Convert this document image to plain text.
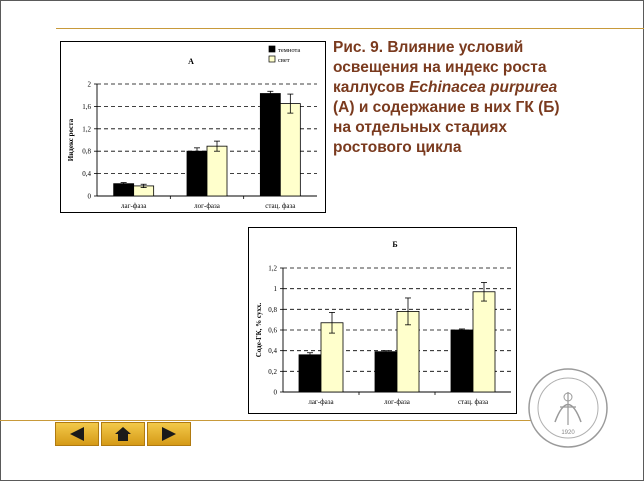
Рис. 9. Влияние условий
освещения на индекс роста
каллусов Echinacea purpurea
(А) и содержание в них ГК (Б)
на отдельных стадиях
ростового цикла
А
0
0,4
0,8
1,2
1,6
2
Индекс роста
лаг-фаза	лог-фаза	стац. фаза
темнота
свет
Б
0
0,2
0,4
0,6
0,8
1
1,2
Соде-ГК, % сухх.
лаг-фаза	лог-фаза	стац. фаза
1920
